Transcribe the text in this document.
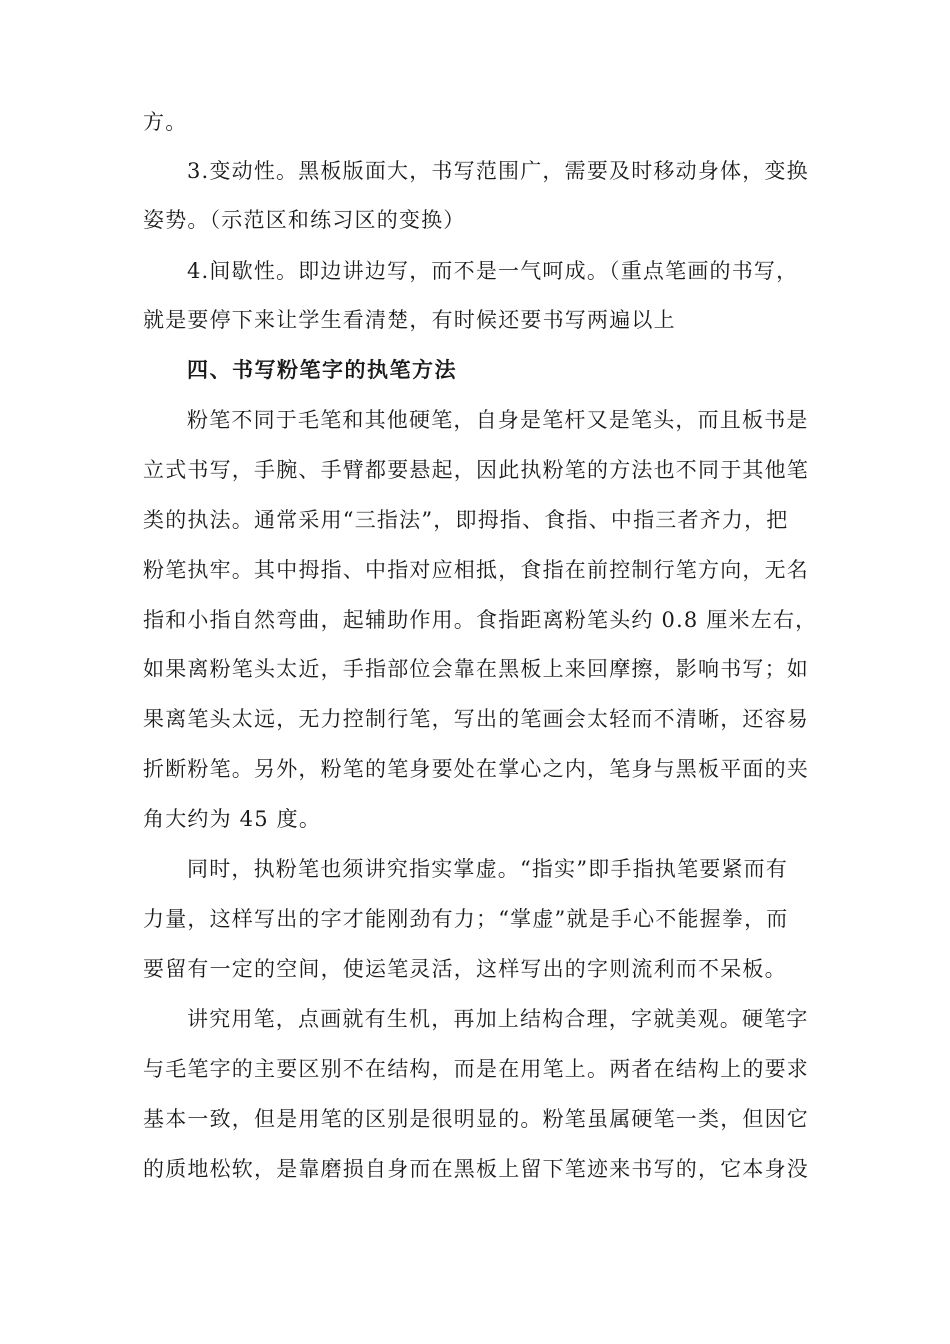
方。
3.变动性。黑板版面大，书写范围广，需要及时移动身体，变换
姿势。（示范区和练习区的变换）
4.间歇性。即边讲边写，而不是一气呵成。（重点笔画的书写，
就是要停下来让学生看清楚，有时候还要书写两遍以上
四、书写粉笔字的执笔方法
粉笔不同于毛笔和其他硬笔，自身是笔杆又是笔头，而且板书是
立式书写，手腕、手臂都要悬起，因此执粉笔的方法也不同于其他笔
类的执法。通常采用“三指法”，即拇指、食指、中指三者齐力，把
粉笔执牢。其中拇指、中指对应相抵，食指在前控制行笔方向，无名
指和小指自然弯曲，起辅助作用。食指距离粉笔头约 0.8 厘米左右，
如果离粉笔头太近，手指部位会靠在黑板上来回摩擦，影响书写；如
果离笔头太远，无力控制行笔，写出的笔画会太轻而不清晰，还容易
折断粉笔。另外，粉笔的笔身要处在掌心之内，笔身与黑板平面的夹
角大约为 45 度。
同时，执粉笔也须讲究指实掌虚。“指实”即手指执笔要紧而有
力量，这样写出的字才能刚劲有力；“掌虚”就是手心不能握拳，而
要留有一定的空间，使运笔灵活，这样写出的字则流利而不呆板。
讲究用笔，点画就有生机，再加上结构合理，字就美观。硬笔字
与毛笔字的主要区别不在结构，而是在用笔上。两者在结构上的要求
基本一致，但是用笔的区别是很明显的。粉笔虽属硬笔一类，但因它
的质地松软，是靠磨损自身而在黑板上留下笔迹来书写的，它本身没
